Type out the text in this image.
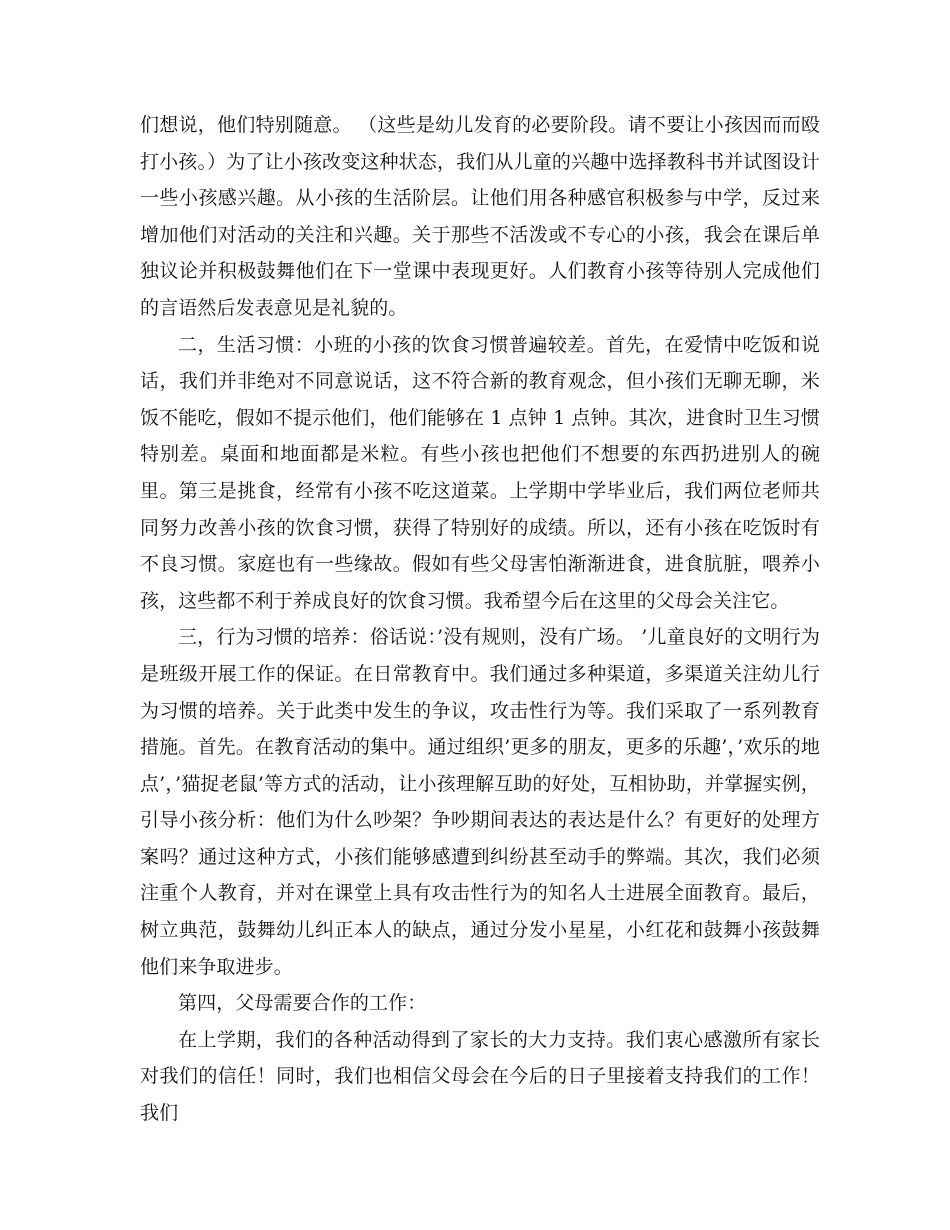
们想说，他们特别随意。 （这些是幼儿发育的必要阶段。请不要让小孩因而而殴打小孩。）为了让小孩改变这种状态，我们从儿童的兴趣中选择教科书并试图设计一些小孩感兴趣。从小孩的生活阶层。让他们用各种感官积极参与中学，反过来增加他们对活动的关注和兴趣。关于那些不活泼或不专心的小孩，我会在课后单独议论并积极鼓舞他们在下一堂课中表现更好。人们教育小孩等待别人完成他们的言语然后发表意见是礼貌的。

二，生活习惯：小班的小孩的饮食习惯普遍较差。首先，在爱情中吃饭和说话，我们并非绝对不同意说话，这不符合新的教育观念，但小孩们无聊无聊，米饭不能吃，假如不提示他们，他们能够在 1 点钟 1 点钟。其次，进食时卫生习惯特别差。桌面和地面都是米粒。有些小孩也把他们不想要的东西扔进别人的碗里。第三是挑食，经常有小孩不吃这道菜。上学期中学毕业后，我们两位老师共同努力改善小孩的饮食习惯，获得了特别好的成绩。所以，还有小孩在吃饭时有不良习惯。家庭也有一些缘故。假如有些父母害怕渐渐进食，进食肮脏，喂养小孩，这些都不利于养成良好的饮食习惯。我希望今后在这里的父母会关注它。

三，行为习惯的培养：俗话说：’没有规则，没有广场。 ’儿童良好的文明行为是班级开展工作的保证。在日常教育中。我们通过多种渠道，多渠道关注幼儿行为习惯的培养。关于此类中发生的争议，攻击性行为等。我们采取了一系列教育措施。首先。在教育活动的集中。通过组织’更多的朋友，更多的乐趣’，’欢乐的地点’，’猫捉老鼠’等方式的活动，让小孩理解互助的好处，互相协助，并掌握实例，引导小孩分析：他们为什么吵架？争吵期间表达的表达是什么？有更好的处理方案吗？通过这种方式，小孩们能够感遭到纠纷甚至动手的弊端。其次，我们必须注重个人教育，并对在课堂上具有攻击性行为的知名人士进展全面教育。最后，树立典范，鼓舞幼儿纠正本人的缺点，通过分发小星星，小红花和鼓舞小孩鼓舞他们来争取进步。

第四，父母需要合作的工作：

在上学期，我们的各种活动得到了家长的大力支持。我们衷心感激所有家长对我们的信任！同时，我们也相信父母会在今后的日子里接着支持我们的工作！我们
